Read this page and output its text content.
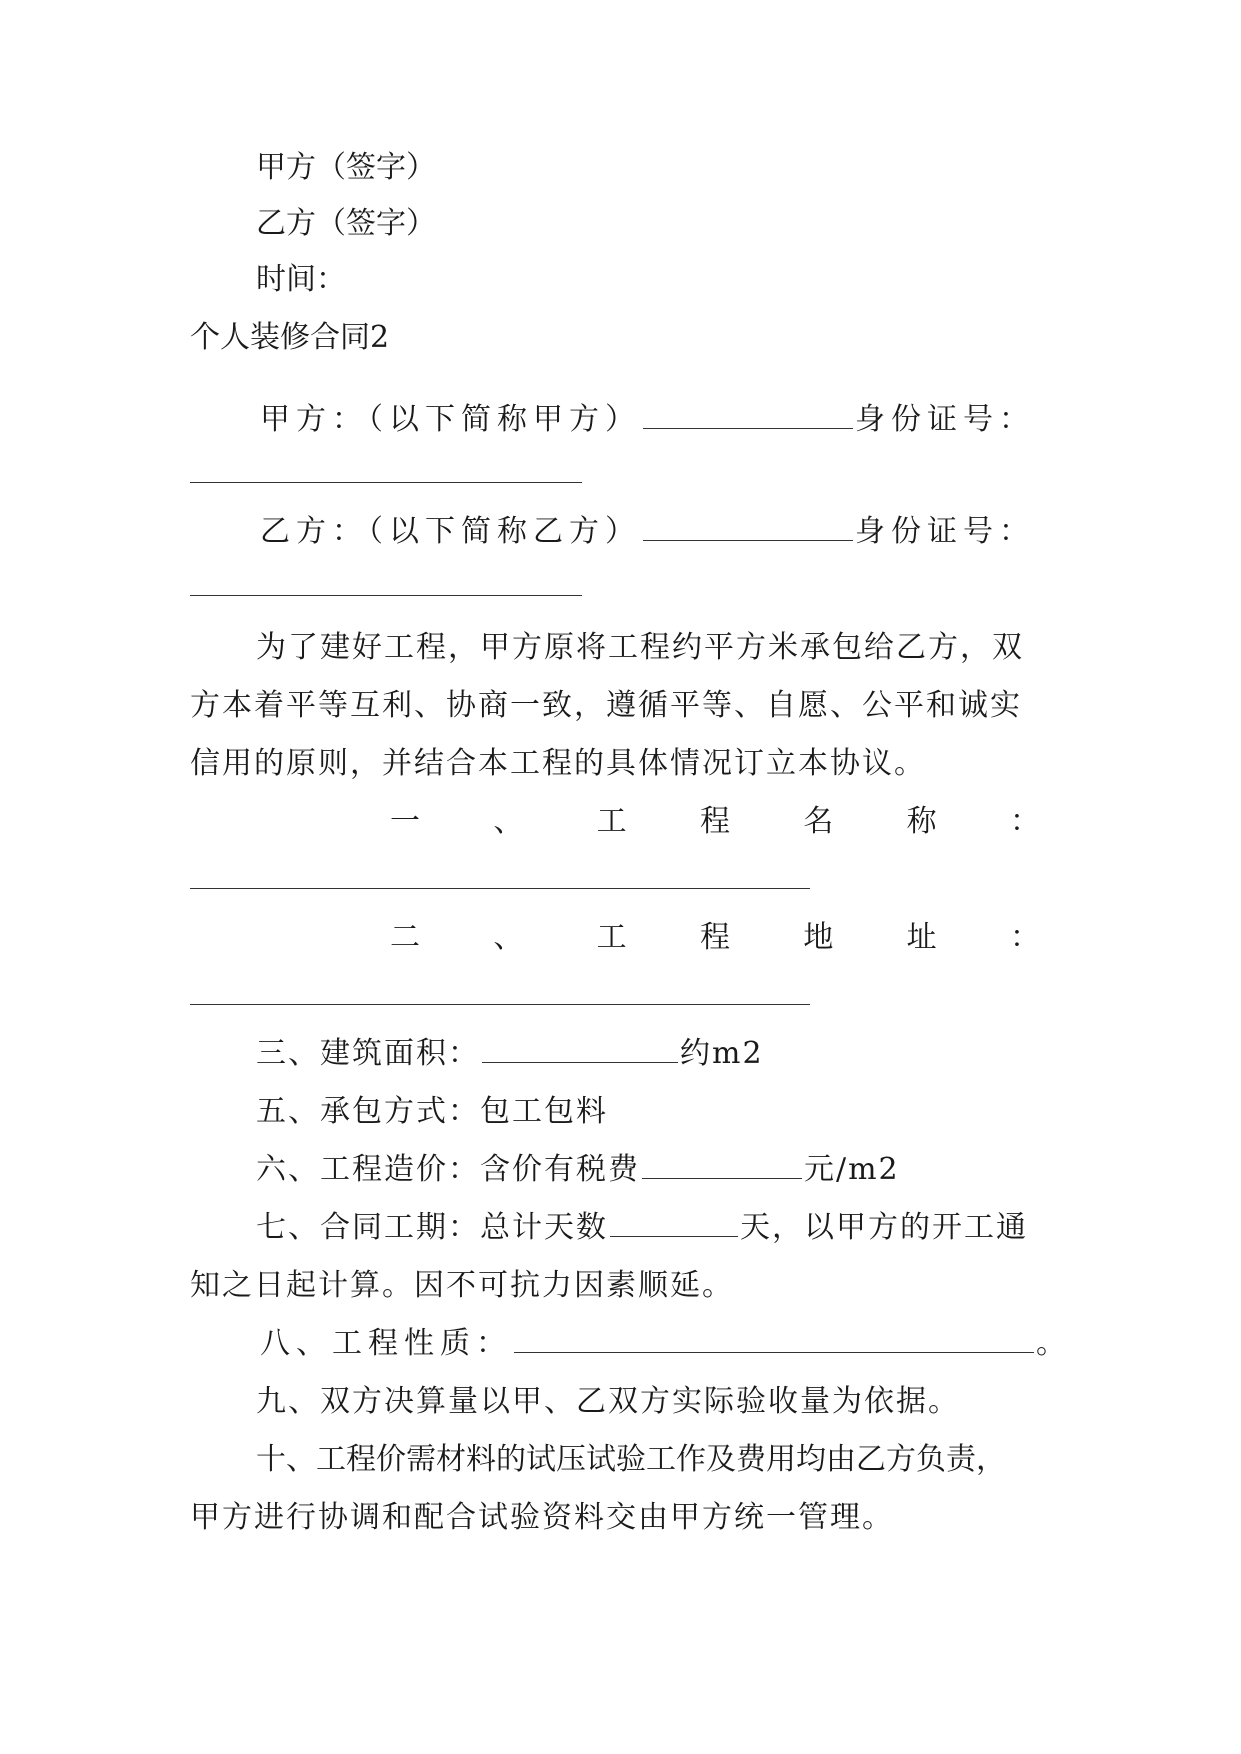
甲方（签字）
乙方（签字）
时间：
个人装修合同2
甲方：（以下简称甲方）	身份证号：
乙方：（以下简称乙方）	身份证号：
为了建好工程，甲方原将工程约平方米承包给乙方，双
方本着平等互利、协商一致，遵循平等、自愿、公平和诚实
信用的原则，并结合本工程的具体情况订立本协议。
一 、 工 程 名 称 ：
二 、 工 程 地 址 ：
三、建筑面积：	约m2
五、承包方式：包工包料
六、工程造价：含价有税费	元/m2
七、合同工期：总计天数	天，以甲方的开工通
知之日起计算。因不可抗力因素顺延。
八、工程性质：	。
九、双方决算量以甲、乙双方实际验收量为依据。
十、工程价需材料的试压试验工作及费用均由乙方负责，
甲方进行协调和配合试验资料交由甲方统一管理。
